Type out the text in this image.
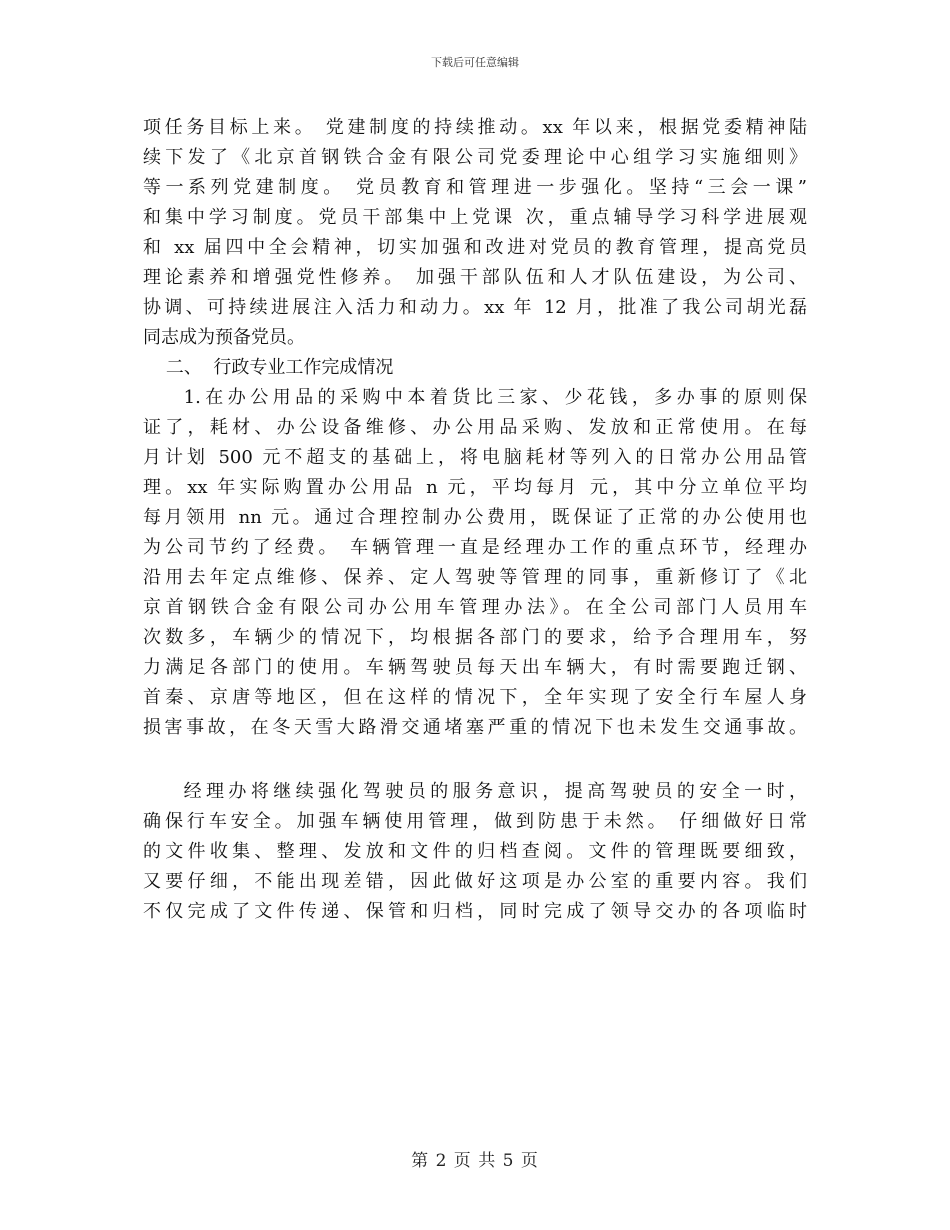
下载后可任意编辑
项任务目标上来。 党建制度的持续推动。xx 年以来，根据党委精神陆
续下发了《北京首钢铁合金有限公司党委理论中心组学习实施细则》
等一系列党建制度。 党员教育和管理进一步强化。坚持“三会一课”
和集中学习制度。党员干部集中上党课 次，重点辅导学习科学进展观
和 xx 届四中全会精神，切实加强和改进对党员的教育管理，提高党员
理论素养和增强党性修养。 加强干部队伍和人才队伍建设，为公司、
协调、可持续进展注入活力和动力。xx 年 12 月，批准了我公司胡光磊
同志成为预备党员。
二、  行政专业工作完成情况
1.在办公用品的采购中本着货比三家、少花钱，多办事的原则保
证了，耗材、办公设备维修、办公用品采购、发放和正常使用。在每
月计划 500 元不超支的基础上，将电脑耗材等列入的日常办公用品管
理。xx 年实际购置办公用品 n 元，平均每月 元，其中分立单位平均
每月领用 nn 元。通过合理控制办公费用，既保证了正常的办公使用也
为公司节约了经费。 车辆管理一直是经理办工作的重点环节，经理办
沿用去年定点维修、保养、定人驾驶等管理的同事，重新修订了《北
京首钢铁合金有限公司办公用车管理办法》。在全公司部门人员用车
次数多，车辆少的情况下，均根据各部门的要求，给予合理用车，努
力满足各部门的使用。车辆驾驶员每天出车辆大，有时需要跑迁钢、
首秦、京唐等地区，但在这样的情况下，全年实现了安全行车屋人身
损害事故，在冬天雪大路滑交通堵塞严重的情况下也未发生交通事故。
经理办将继续强化驾驶员的服务意识，提高驾驶员的安全一时，
确保行车安全。加强车辆使用管理，做到防患于未然。 仔细做好日常
的文件收集、整理、发放和文件的归档查阅。文件的管理既要细致，
又要仔细，不能出现差错，因此做好这项是办公室的重要内容。我们
不仅完成了文件传递、保管和归档，同时完成了领导交办的各项临时
第 2 页 共 5 页
